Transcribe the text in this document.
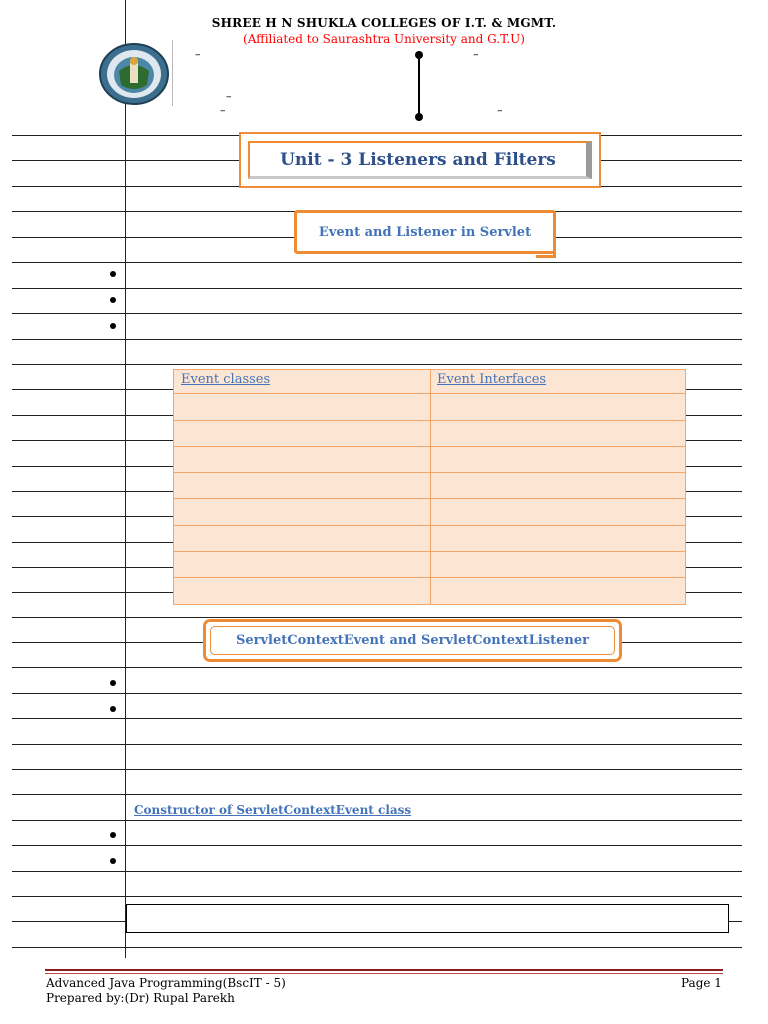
SHREE H N SHUKLA COLLEGES OF I.T. & MGMT.
(Affiliated to Saurashtra University and G.T.U)
–	–
–
–	–
Unit - 3 Listeners and Filters
Event and Listener in Servlet
Event classes	Event Interfaces
ServletContextEvent and ServletContextListener
Constructor of ServletContextEvent class
Advanced Java Programming(BscIT - 5)
Prepared by:(Dr) Rupal Parekh
Page 1
